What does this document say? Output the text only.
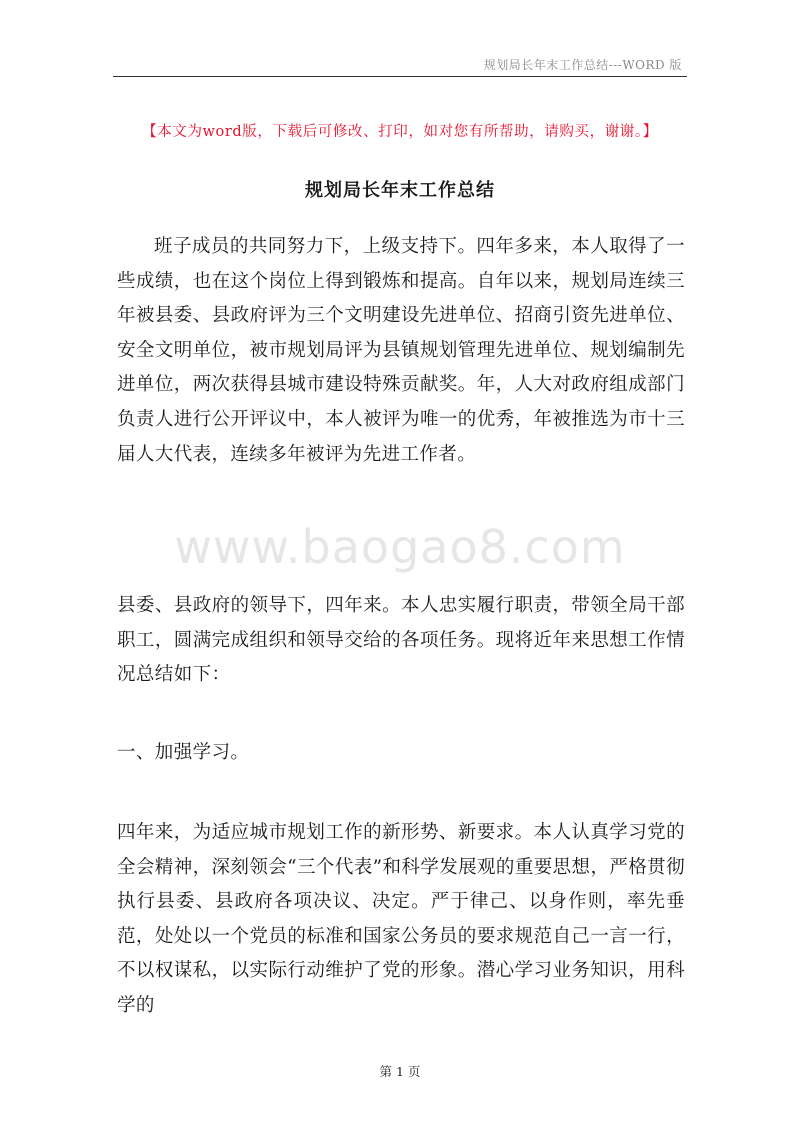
规划局长年末工作总结---WORD 版
【本文为word版，下载后可修改、打印，如对您有所帮助，请购买，谢谢。】
规划局长年末工作总结

班子成员的共同努力下，上级支持下。四年多来，本人取得了一些成绩，也在这个岗位上得到锻炼和提高。自年以来，规划局连续三年被县委、县政府评为三个文明建设先进单位、招商引资先进单位、安全文明单位，被市规划局评为县镇规划管理先进单位、规划编制先进单位，两次获得县城市建设特殊贡献奖。年，人大对政府组成部门负责人进行公开评议中，本人被评为唯一的优秀，年被推选为市十三届人大代表，连续多年被评为先进工作者。

www.baogao8.com

县委、县政府的领导下，四年来。本人忠实履行职责，带领全局干部职工，圆满完成组织和领导交给的各项任务。现将近年来思想工作情况总结如下：

一、加强学习。

四年来，为适应城市规划工作的新形势、新要求。本人认真学习党的全会精神，深刻领会“三个代表”和科学发展观的重要思想，严格贯彻执行县委、县政府各项决议、决定。严于律己、以身作则，率先垂范，处处以一个党员的标准和国家公务员的要求规范自己一言一行，不以权谋私，以实际行动维护了党的形象。潜心学习业务知识，用科学的

第 1 页
